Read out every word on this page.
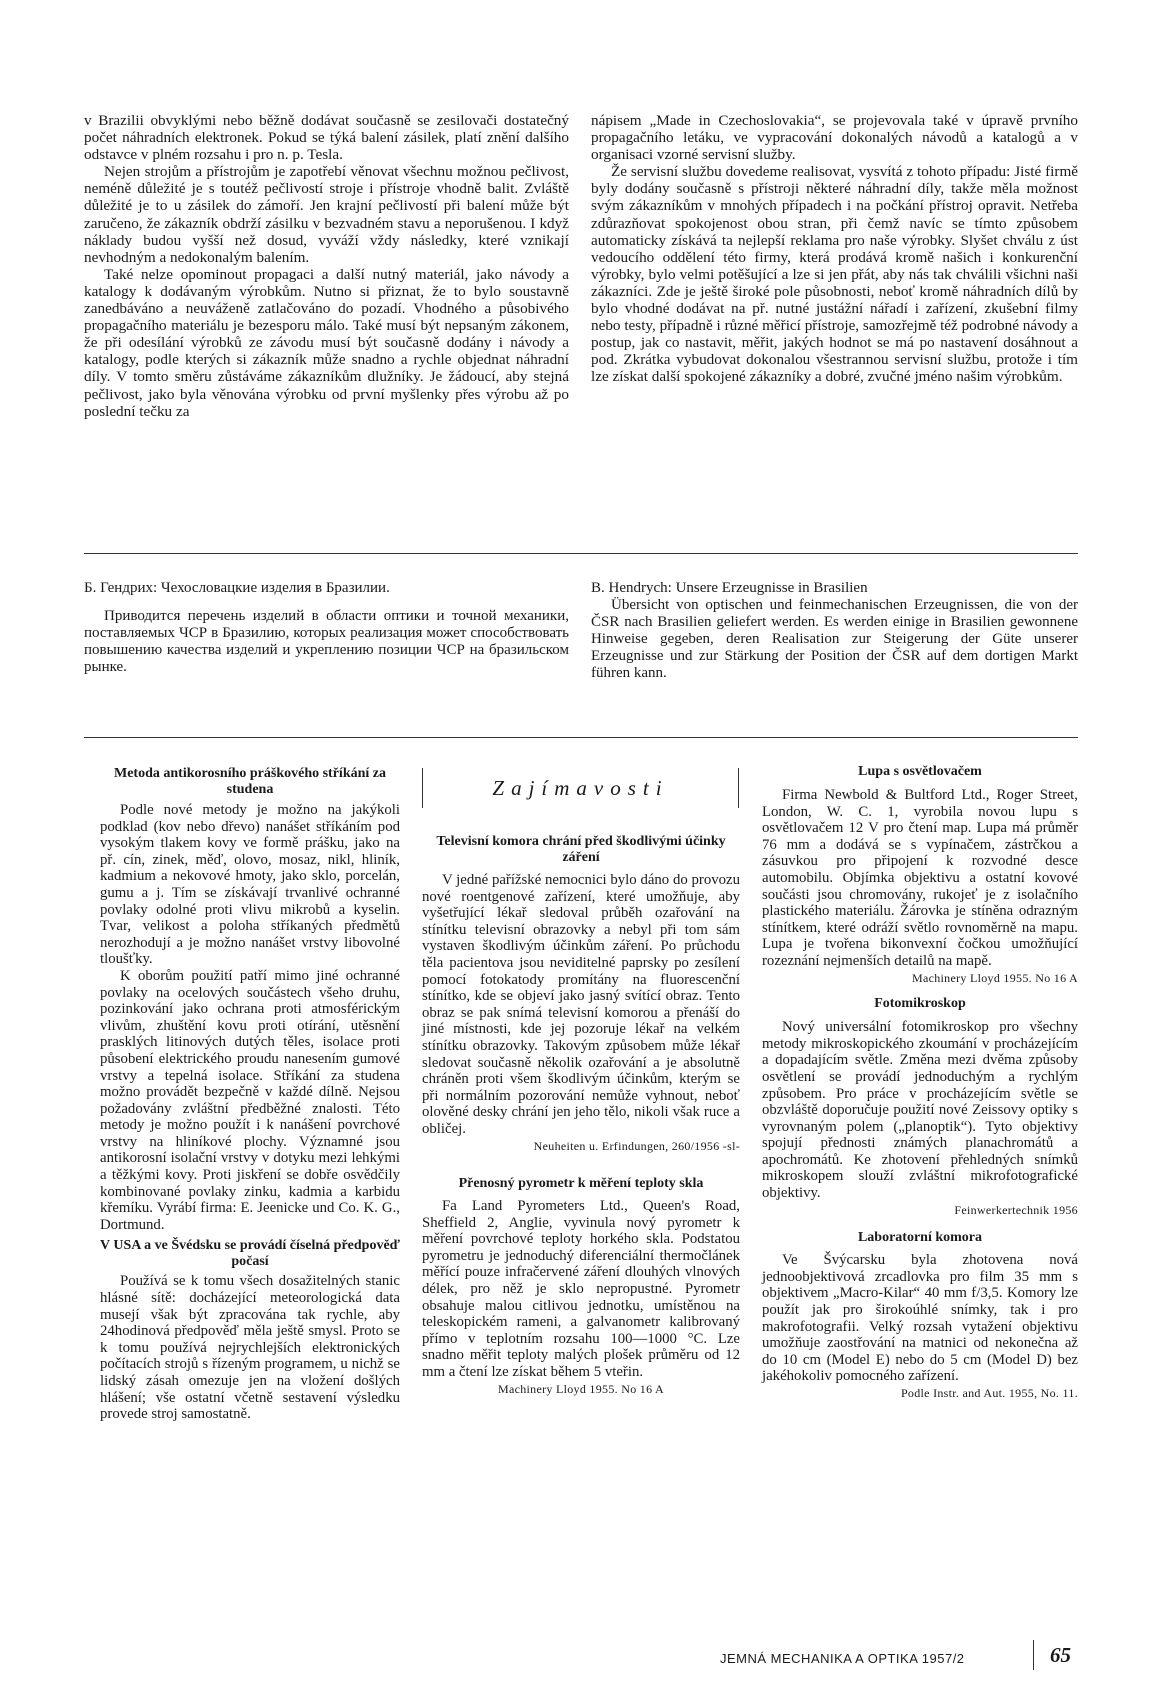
v Brazilii obvyklými nebo běžně dodávat současně se zesilovači dostatečný počet náhradních elektronek. Pokud se týká balení zásilek, platí znění dalšího odstavce v plném rozsahu i pro n. p. Tesla.

Nejen strojům a přístrojům je zapotřebí věnovat všechnu možnou pečlivost, neméně důležité je s toutéž pečlivostí stroje i přístroje vhodně balit. Zvláště důležité je to u zásilek do zámoří. Jen krajní pečlivostí při balení může být zaručeno, že zákazník obdrží zásilku v bezvadném stavu a neporušenou. I když náklady budou vyšší než dosud, vyváží vždy následky, které vznikají nevhodným a nedokonalým balením.

Také nelze opominout propagaci a další nutný materiál, jako návody a katalogy k dodávaným výrobkům. Nutno si přiznat, že to bylo soustavně zanedbáváno a neuváženě zatlačováno do pozadí. Vhodného a působivého propagačního materiálu je bezesporu málo. Také musí být nepsaným zákonem, že při odesílání výrobků ze závodu musí být současně dodány i návody a katalogy, podle kterých si zákazník může snadno a rychle objednat náhradní díly. V tomto směru zůstáváme zákazníkům dlužníky. Je žádoucí, aby stejná pečlivost, jako byla věnována výrobku od první myšlenky přes výrobu až po poslední tečku za

nápisem „Made in Czechoslovakia“, se projevovala také v úpravě prvního propagačního letáku, ve vypracování dokonalých návodů a katalogů a v organisaci vzorné servisní služby.

Že servisní službu dovedeme realisovat, vysvítá z tohoto případu: Jisté firmě byly dodány současně s přístroji některé náhradní díly, takže měla možnost svým zákazníkům v mnohých případech i na počkání přístroj opravit. Netřeba zdůrazňovat spokojenost obou stran, při čemž navíc se tímto způsobem automaticky získává ta nejlepší reklama pro naše výrobky. Slyšet chválu z úst vedoucího oddělení této firmy, která prodává kromě našich i konkurenční výrobky, bylo velmi potěšující a lze si jen přát, aby nás tak chválili všichni naši zákazníci. Zde je ještě široké pole působnosti, neboť kromě náhradních dílů by bylo vhodné dodávat na př. nutné justážní nářadí i zařízení, zkušební filmy nebo testy, případně i různé měřicí přístroje, samozřejmě též podrobné návody a postup, jak co nastavit, měřit, jakých hodnot se má po nastavení dosáhnout a pod. Zkrátka vybudovat dokonalou všestrannou servisní službu, protože i tím lze získat další spokojené zákazníky a dobré, zvučné jméno našim výrobkům.

Б. Гендрих: Чехословацкие изделия в Бразилии.

Приводится перечень изделий в области оптики и точной механики, поставляемых ЧСР в Бразилию, которых реализация может способствовать повышению качества изделий и укреплению позиции ЧСР на бразильском рынке.

B. Hendrych: Unsere Erzeugnisse in Brasilien

Übersicht von optischen und feinmechanischen Erzeugnissen, die von der ČSR nach Brasilien geliefert werden. Es werden einige in Brasilien gewonnene Hinweise gegeben, deren Realisation zur Steigerung der Güte unserer Erzeugnisse und zur Stärkung der Position der ČSR auf dem dortigen Markt führen kann.

Zajímavosti
Metoda antikorosního práškového stříkání za studena

Podle nové metody je možno na jakýkoli podklad (kov nebo dřevo) nanášet stříkáním pod vysokým tlakem kovy ve formě prášku, jako na př. cín, zinek, měď, olovo, mosaz, nikl, hliník, kadmium a nekovové hmoty, jako sklo, porcelán, gumu a j. Tím se získávají trvanlivé ochranné povlaky odolné proti vlivu mikrobů a kyselin. Tvar, velikost a poloha stříkaných předmětů nerozhodují a je možno nanášet vrstvy libovolné tloušťky.

K oborům použití patří mimo jiné ochranné povlaky na ocelových součástech všeho druhu, pozinkování jako ochrana proti atmosférickým vlivům, zhuštění kovu proti otírání, utěsnění prasklých litinových dutých těles, isolace proti působení elektrického proudu nanesením gumové vrstvy a tepelná isolace. Stříkání za studena možno provádět bezpečně v každé dílně. Nejsou požadovány zvláštní předběžné znalosti. Této metody je možno použít i k nanášení povrchové vrstvy na hliníkové plochy. Významné jsou antikorosní isolační vrstvy v dotyku mezi lehkými a těžkými kovy. Proti jiskření se dobře osvědčily kombinované povlaky zinku, kadmia a karbidu křemíku. Vyrábí firma: E. Jeenicke und Co. K. G., Dortmund.

V USA a ve Švédsku se provádí číselná předpověď počasí

Používá se k tomu všech dosažitelných stanic hlásné sítě: docházející meteorologická data musejí však být zpracována tak rychle, aby 24hodinová předpověď měla ještě smysl. Proto se k tomu používá nejrychlejších elektronických počítacích strojů s řízeným programem, u nichž se lidský zásah omezuje jen na vložení došlých hlášení; vše ostatní včetně sestavení výsledku provede stroj samostatně.

Televisní komora chrání před škodlivými účinky záření

V jedné pařížské nemocnici bylo dáno do provozu nové roentgenové zařízení, které umožňuje, aby vyšetřující lékař sledoval průběh ozařování na stínítku televisní obrazovky a nebyl při tom sám vystaven škodlivým účinkům záření. Po průchodu těla pacientova jsou neviditelné paprsky po zesílení pomocí fotokatody promítány na fluorescenční stínítko, kde se objeví jako jasný svítící obraz. Tento obraz se pak snímá televisní komorou a přenáší do jiné místnosti, kde jej pozoruje lékař na velkém stínítku obrazovky. Takovým způsobem může lékař sledovat současně několik ozařování a je absolutně chráněn proti všem škodlivým účinkům, kterým se při normálním pozorování nemůže vyhnout, neboť olověné desky chrání jen jeho tělo, nikoli však ruce a obličej.

Neuheiten u. Erfindungen, 260/1956 -sl-

Přenosný pyrometr k měření teploty skla

Fa Land Pyrometers Ltd., Queen's Road, Sheffield 2, Anglie, vyvinula nový pyrometr k měření povrchové teploty horkého skla. Podstatou pyrometru je jednoduchý diferenciální thermočlánek měřící pouze infračervené záření dlouhých vlnových délek, pro něž je sklo nepropustné. Pyrometr obsahuje malou citlivou jednotku, umístěnou na teleskopickém rameni, a galvanometr kalibrovaný přímo v teplotním rozsahu 100—1000 °C. Lze snadno měřit teploty malých plošek průměru od 12 mm a čtení lze získat během 5 vteřin.

Machinery Lloyd 1955. No 16 A

Lupa s osvětlovačem

Firma Newbold & Bultford Ltd., Roger Street, London, W. C. 1, vyrobila novou lupu s osvětlovačem 12 V pro čtení map. Lupa má průměr 76 mm a dodává se s vypínačem, zástrčkou a zásuvkou pro připojení k rozvodné desce automobilu. Objímka objektivu a ostatní kovové součásti jsou chromovány, rukojeť je z isolačního plastického materiálu. Žárovka je stíněna odrazným stínítkem, které odráží světlo rovnoměrně na mapu. Lupa je tvořena bikonvexní čočkou umožňující rozeznání nejmenších detailů na mapě.

Machinery Lloyd 1955. No 16 A

Fotomikroskop

Nový universální fotomikroskop pro všechny metody mikroskopického zkoumání v procházejícím a dopadajícím světle. Změna mezi dvěma způsoby osvětlení se provádí jednoduchým a rychlým způsobem. Pro práce v procházejícím světle se obzvláště doporučuje použití nové Zeissovy optiky s vyrovnaným polem („planoptik“). Tyto objektivy spojují přednosti známých planachromátů a apochromátů. Ke zhotovení přehledných snímků mikroskopem slouží zvláštní mikrofotografické objektivy.

Feinwerkertechnik 1956

Laboratorní komora

Ve Švýcarsku byla zhotovena nová jednoobjektivová zrcadlovka pro film 35 mm s objektivem „Macro-Kilar“ 40 mm f/3,5. Komory lze použít jak pro širokoúhlé snímky, tak i pro makrofotografii. Velký rozsah vytažení objektivu umožňuje zaostřování na matnici od nekonečna až do 10 cm (Model E) nebo do 5 cm (Model D) bez jakéhokoliv pomocného zařízení.

Podle Instr. and Aut. 1955, No. 11.

JEMNÁ MECHANIKA A OPTIKA 1957/2	65
